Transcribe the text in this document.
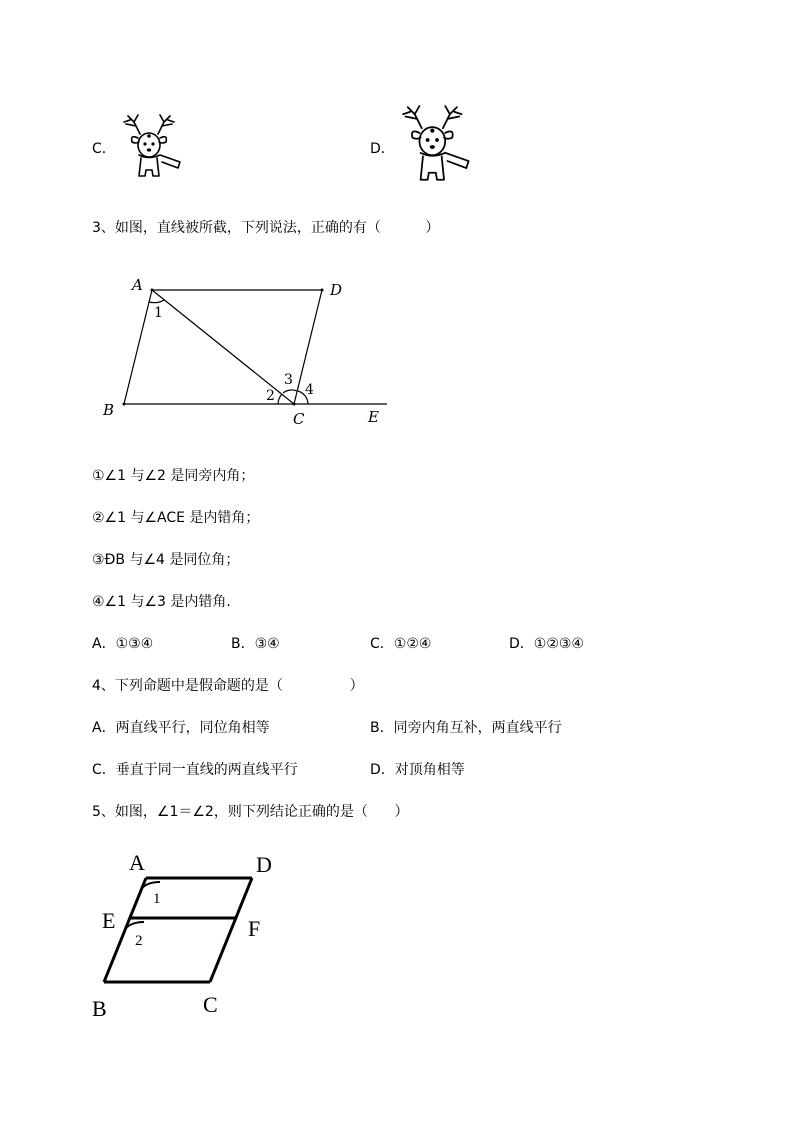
C．	D．
3、如图，直线被所截，下列说法，正确的有（          ）
A	D
B	C	E
1
2
3
4
①∠1 与∠2 是同旁内角；
②∠1 与∠ACE 是内错角；
③ÐB 与∠4 是同位角；
④∠1 与∠3 是内错角．
A．①③④	B．③④	C．①②④	D．①②③④
4、下列命题中是假命题的是（               ）
A．两直线平行，同位角相等	B．同旁内角互补，两直线平行
C．垂直于同一直线的两直线平行	D．对顶角相等
5、如图，∠1＝∠2，则下列结论正确的是（      ）
A	D
E	F
B	C
1
2
